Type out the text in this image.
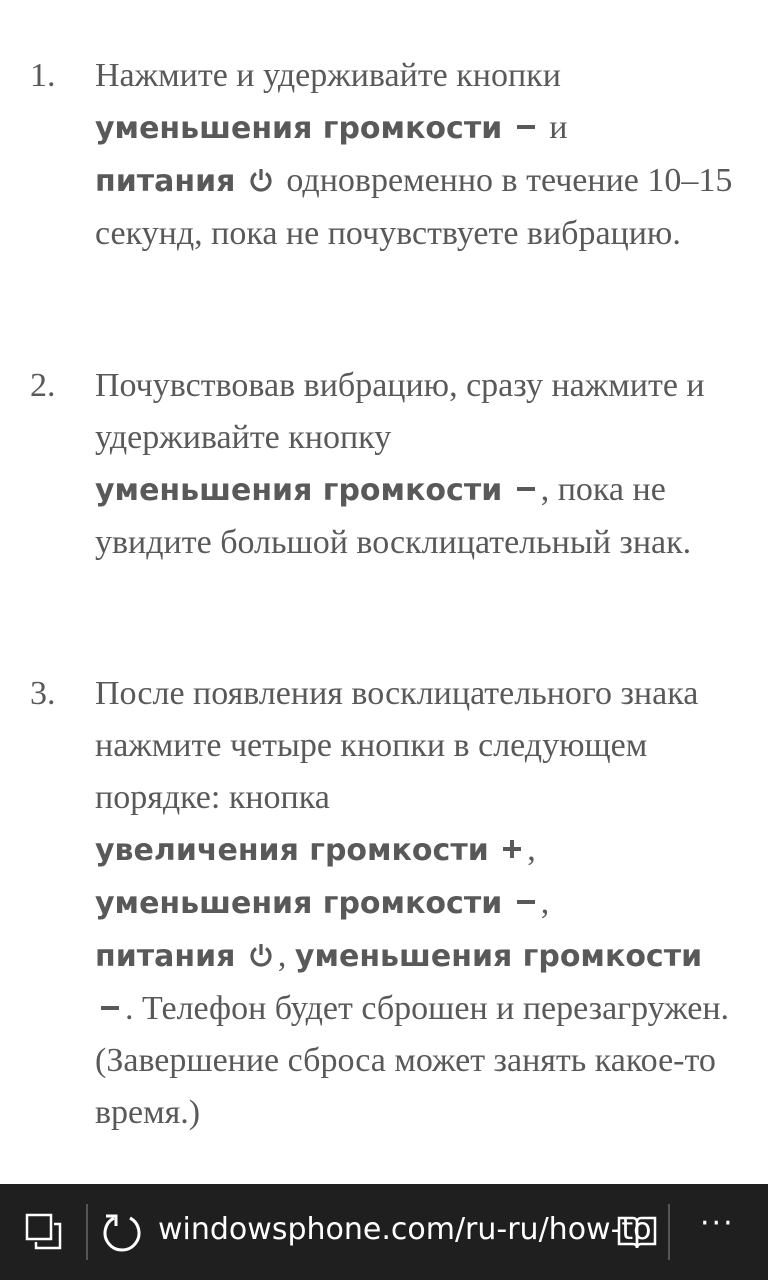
1. Нажмите и удерживайте кнопки
уменьшения громкости и
питания одновременно в течение 10–15 секунд, пока не почувствуете вибрацию.
2. Почувствовав вибрацию, сразу нажмите и удерживайте кнопку
уменьшения громкости , пока не увидите большой восклицательный знак.
3. После появления восклицательного знака нажмите четыре кнопки в следующем порядке: кнопка
увеличения громкости ,
уменьшения громкости ,
питания , уменьшения громкости . Телефон будет сброшен и перезагружен. (Завершение сброса может занять какое-то время.)
windowsphone.com/ru-ru/how-to ···
